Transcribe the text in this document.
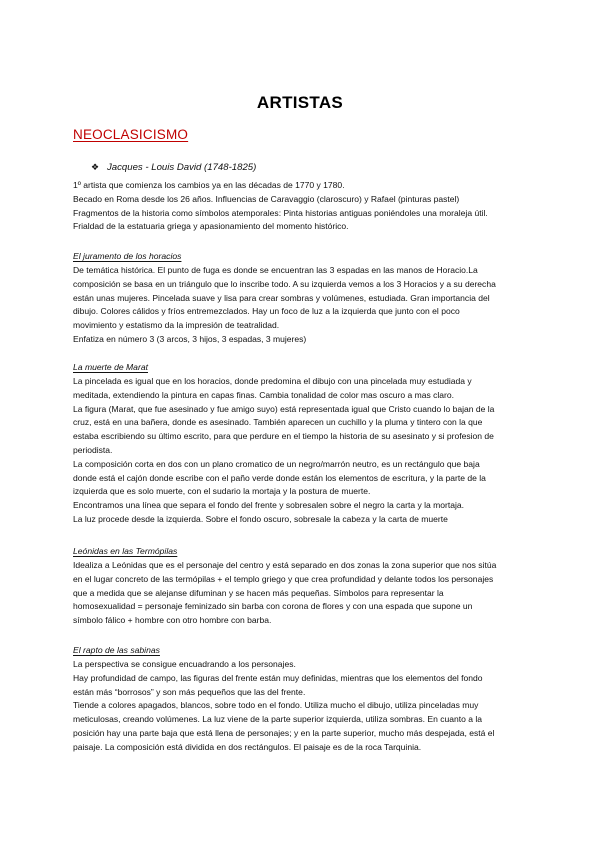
ARTISTAS
NEOCLASICISMO
❖ Jacques - Louis David (1748-1825)

1º artista que comienza los cambios ya en las décadas de 1770 y 1780.

Becado en Roma desde los 26 años. Influencias de Caravaggio (claroscuro) y Rafael (pinturas pastel)

Fragmentos de la historia como símbolos atemporales: Pinta historias antiguas poniéndoles una moraleja útil.

Frialdad de la estatuaria griega y apasionamiento del momento histórico.

El juramento de los horacios

De temática histórica. El punto de fuga es donde se encuentran las 3 espadas en las manos de Horacio.La

composición se basa en un triángulo que lo inscribe todo. A su izquierda vemos a los 3 Horacios y a su derecha

están unas mujeres. Pincelada suave y lisa para crear sombras y volúmenes, estudiada. Gran importancia del

dibujo. Colores cálidos y fríos entremezclados. Hay un foco de luz a la izquierda que junto con el poco

movimiento y estatismo da la impresión de teatralidad.

Enfatiza en número 3 (3 arcos, 3 hijos, 3 espadas, 3 mujeres)

La muerte de Marat

La pincelada es igual que en los horacios, donde predomina el dibujo con una pincelada muy estudiada y

meditada, extendiendo la pintura en capas finas. Cambia tonalidad de color mas oscuro a mas claro.

La figura (Marat, que fue asesinado y fue amigo suyo) está representada igual que Cristo cuando lo bajan de la

cruz, está en una bañera, donde es asesinado. También aparecen un cuchillo y la pluma y tintero con la que

estaba escribiendo su último escrito, para que perdure en el tiempo la historia de su asesinato y si profesion de

periodista.

La composición corta en dos con un plano cromatico de un negro/marrón neutro, es un rectángulo que baja

donde está el cajón donde escribe con el paño verde donde están los elementos de escritura, y la parte de la

izquierda que es solo muerte, con el sudario la mortaja y la postura de muerte.

Encontramos una línea que separa el fondo del frente y sobresalen sobre el negro la carta y la mortaja.

La luz procede desde la izquierda. Sobre el fondo oscuro, sobresale la cabeza y la carta de muerte

Leónidas en las Termópilas

Idealiza a Leónidas que es el personaje del centro y está separado en dos zonas la zona superior que nos sitúa

en el lugar concreto de las termópilas + el templo griego y que crea profundidad y delante todos los personajes

que a medida que se alejanse difuminan y se hacen más pequeñas. Símbolos para representar la

homosexualidad = personaje feminizado sin barba con corona de flores y con una espada que supone un

símbolo fálico + hombre con otro hombre con barba.

El rapto de las sabinas

La perspectiva se consigue encuadrando a los personajes.

Hay profundidad de campo, las figuras del frente están muy definidas, mientras que los elementos del fondo

están más “borrosos” y son más pequeños que las del frente.

Tiende a colores apagados, blancos, sobre todo en el fondo. Utiliza mucho el dibujo, utiliza pinceladas muy

meticulosas, creando volúmenes. La luz viene de la parte superior izquierda, utiliza sombras. En cuanto a la

posición hay una parte baja que está llena de personajes; y en la parte superior, mucho más despejada, está el

paisaje. La composición está dividida en dos rectángulos. El paisaje es de la roca Tarquinia.
